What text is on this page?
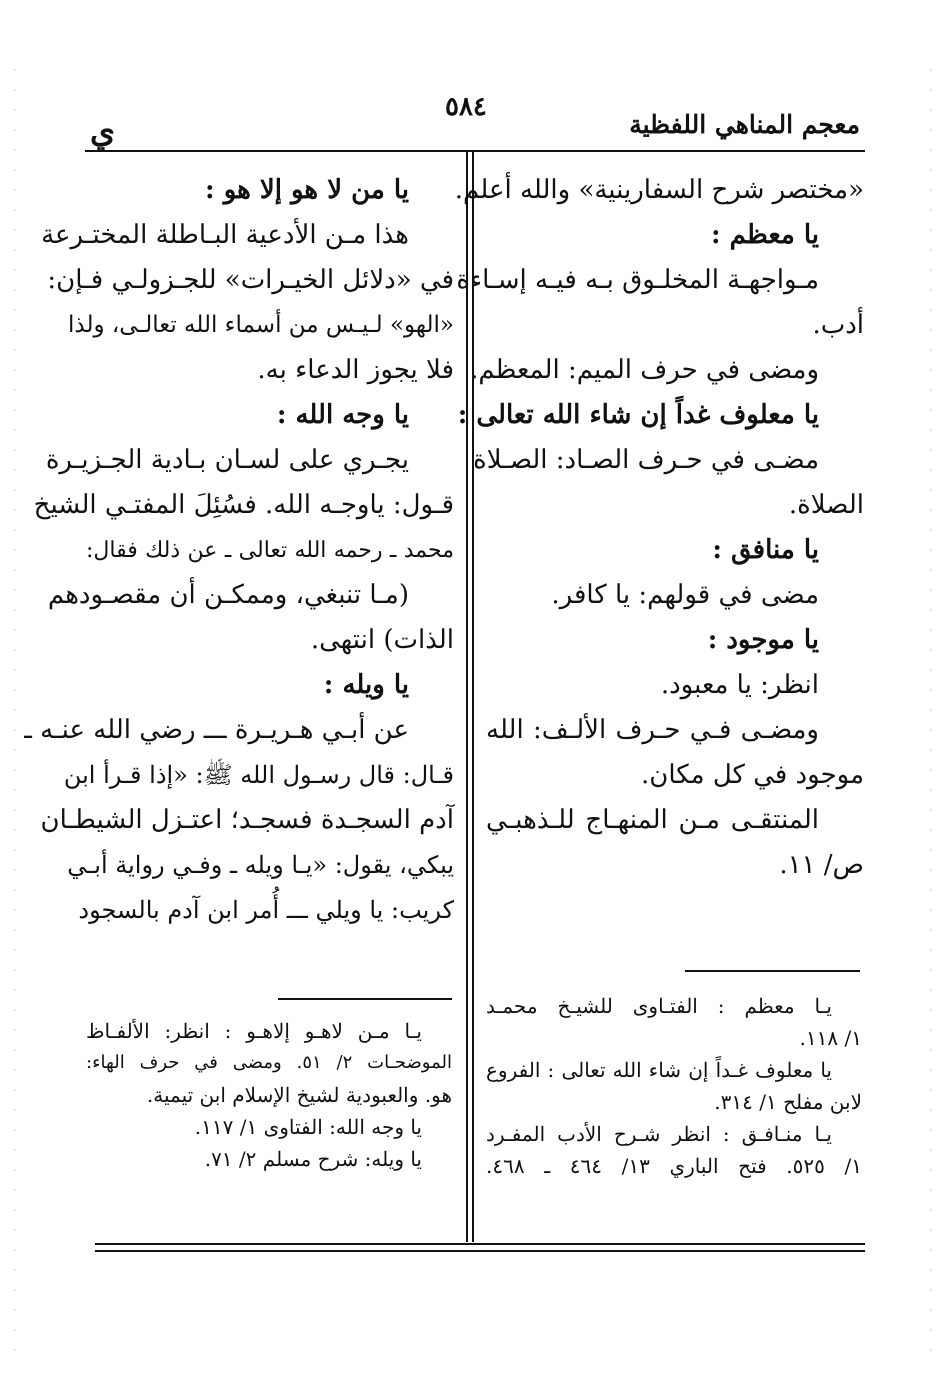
معجم المناهي اللفظية
٥٨٤
ي
«مختصر شرح السفارينية» والله أعلم.
يا معظم :
مـواجهـة المخلـوق بـه فيـه إسـاءة
أدب.
ومضى في حرف الميم: المعظم.
يا معلوف غداً إن شاء الله تعالى :
مضـى في حـرف الصـاد: الصـلاة
الصلاة.
يا منافق :
مضى في قولهم: يا كافر.
يا موجود :
انظر: يا معبود.
ومضـى فـي حـرف الألـف: الله
موجود في كل مكان.
المنتقـى مـن المنهـاج للـذهبـي
ص/ ١١.
يا من لا هو إلا هو :
هذا مـن الأدعية البـاطلة المختـرعة
في «دلائل الخيـرات» للجـزولـي فـإن:
«الهو» لـيـس من أسماء الله تعالـى، ولذا
فلا يجوز الدعاء به.
يا وجه الله :
يجـري على لسـان بـادية الجـزيـرة
قـول: ياوجـه الله. فسُئِلَ المفتـي الشيخ
محمد ـ رحمه الله تعالى ـ عن ذلك فقال:
(مـا تنبغي، وممكـن أن مقصـودهم
الذات) انتهى.
يا ويله :
عن أبـي هـريـرة ـــ رضي الله عنـه ـ
قـال: قال رسـول الله ﷺ: «إذا قـرأ ابن
آدم السجـدة فسجـد؛ اعتـزل الشيطـان
يبكي، يقول: «يـا ويله ـ وفـي رواية أبـي
كريب: يا ويلي ـــ أُمر ابن آدم بالسجود
يـا معظم : الفتـاوى للشيـخ محمـد
١/ ١١٨.
يا معلوف غـداً إن شاء الله تعالى : الفروع
لابن مفلح ١/ ٣١٤.
يـا منـافـق : انظر شـرح الأدب المفـرد
١/ ٥٢٥. فتح الباري ١٣/ ٤٦٤ ـ ٤٦٨.
يـا مـن لاهـو إلاهـو : انظر: الألفـاظ
الموضحـات ٢/ ٥١. ومضى في حرف الهاء:
هو. والعبودية لشيخ الإسلام ابن تيمية.
يا وجه الله: الفتاوى ١/ ١١٧.
يا ويله: شرح مسلم ٢/ ٧١.
